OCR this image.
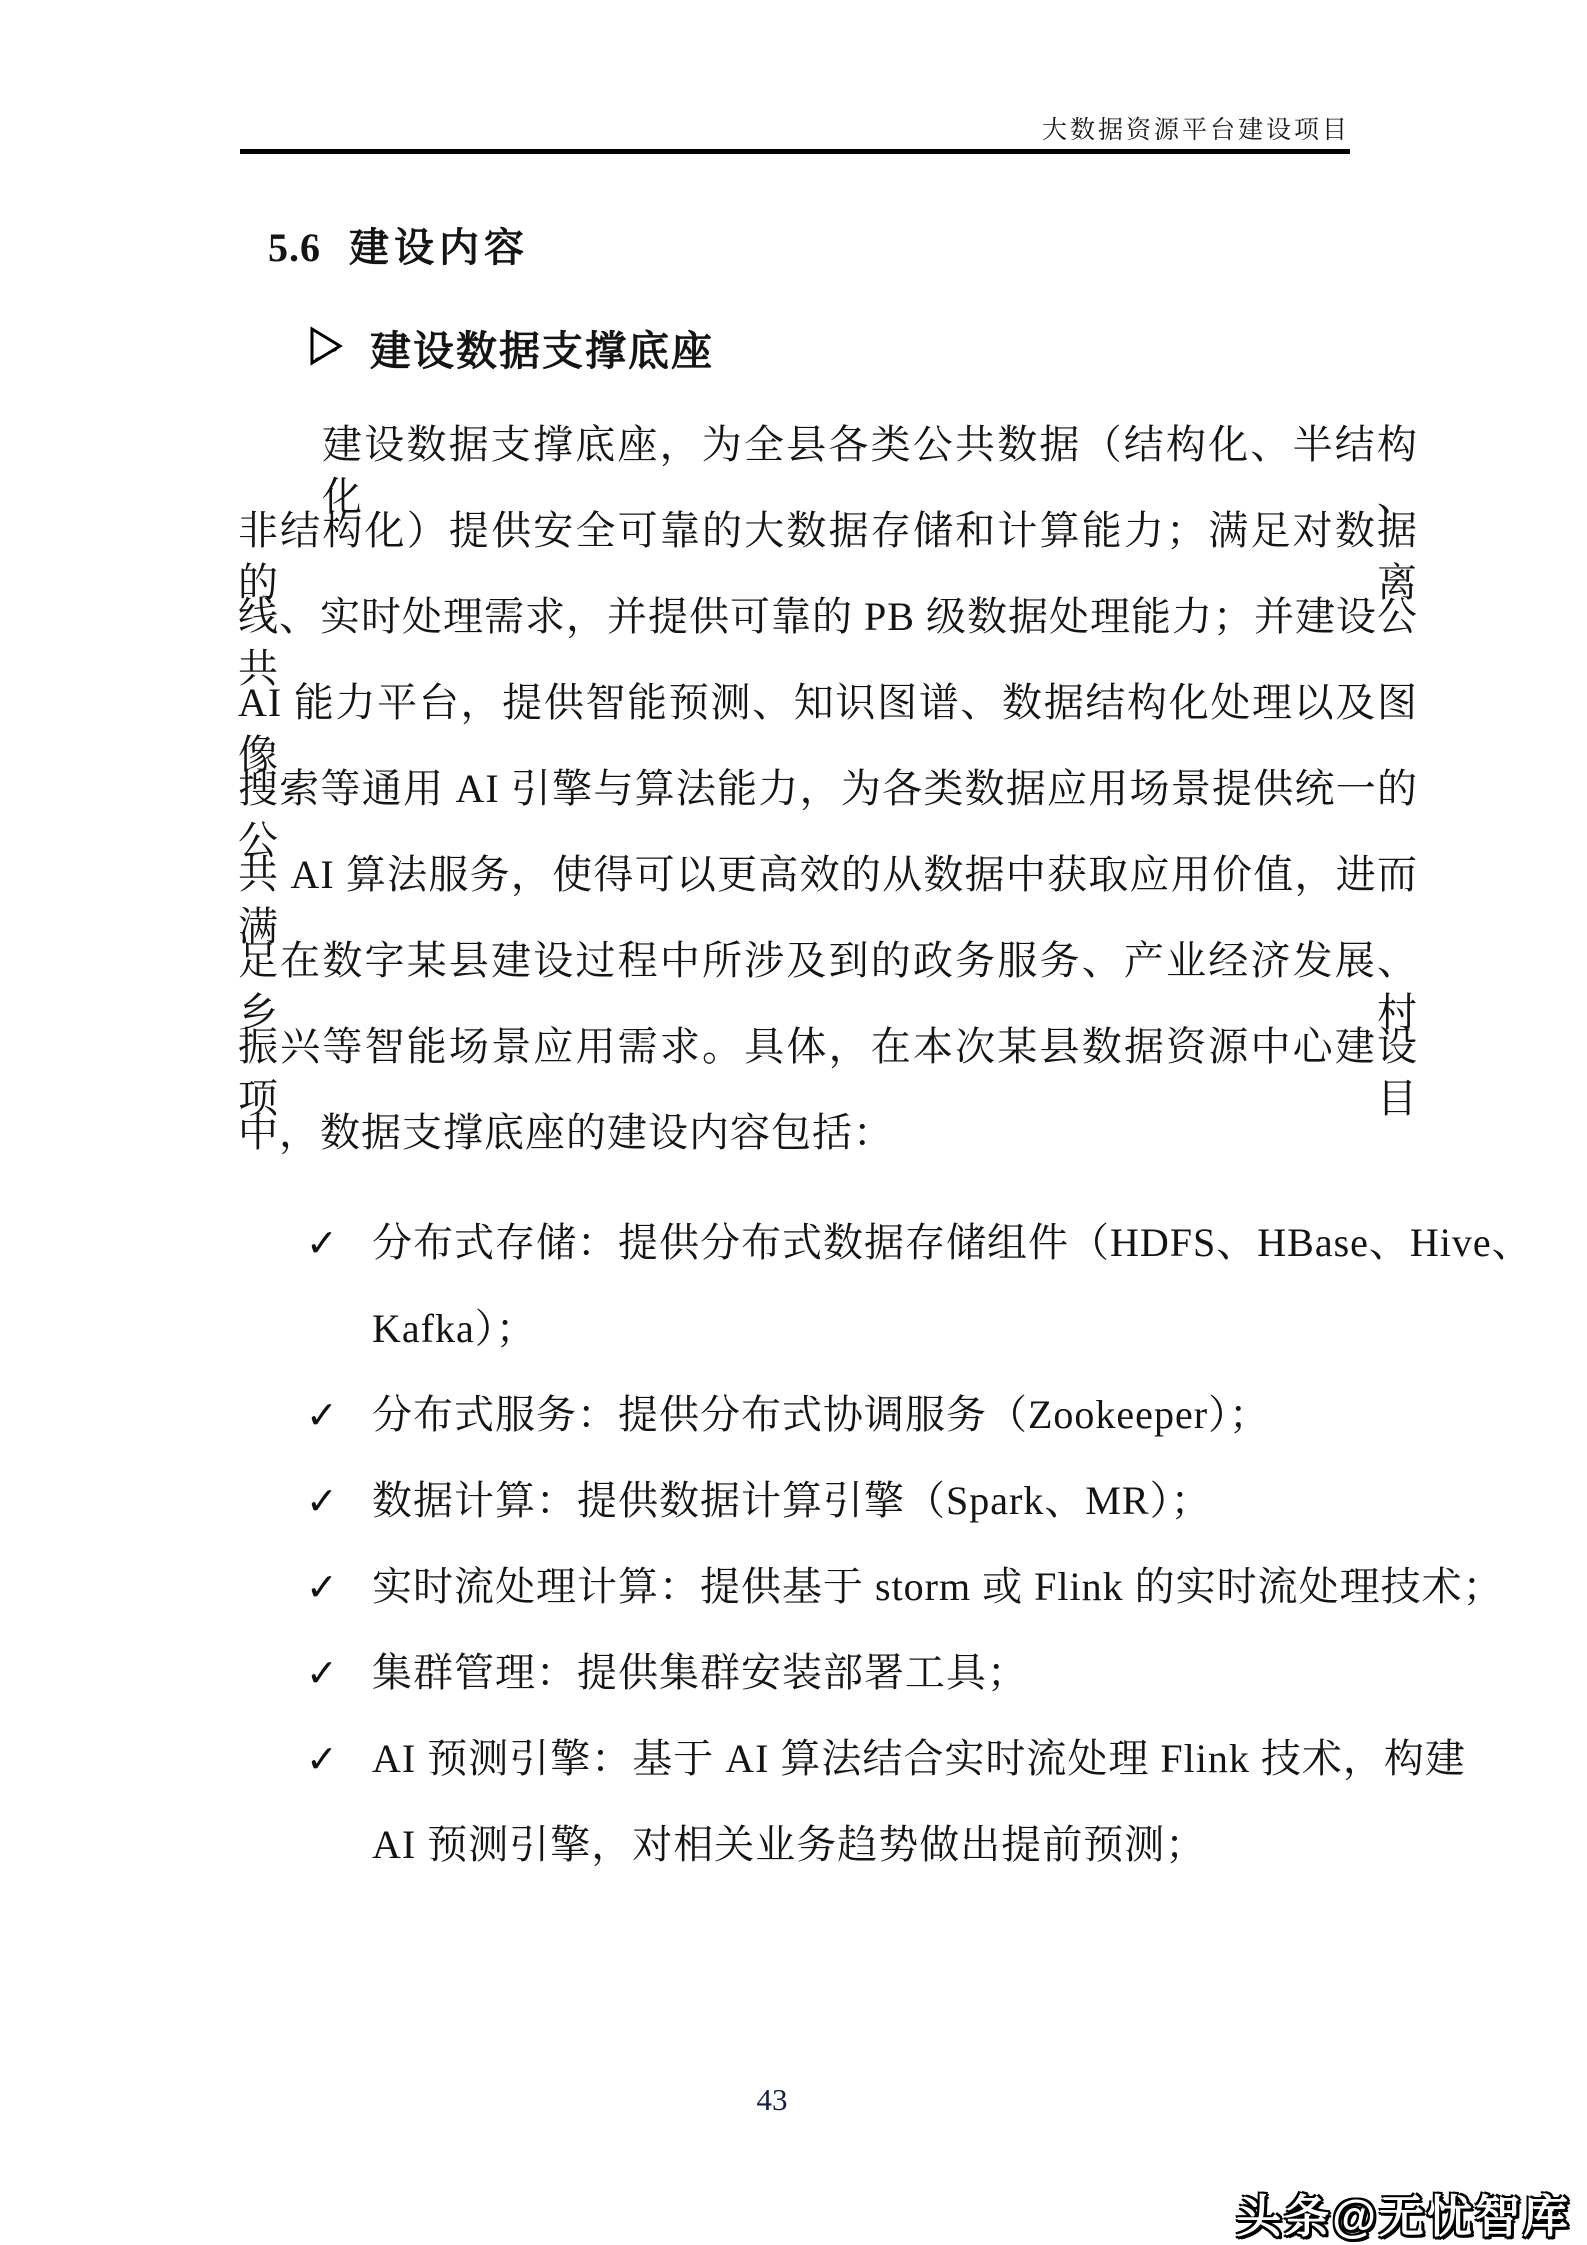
大数据资源平台建设项目
5.6 建设内容
建设数据支撑底座
建设数据支撑底座，为全县各类公共数据（结构化、半结构化、
非结构化）提供安全可靠的大数据存储和计算能力；满足对数据的离
线、实时处理需求，并提供可靠的 PB 级数据处理能力；并建设公共
AI 能力平台，提供智能预测、知识图谱、数据结构化处理以及图像
搜索等通用 AI 引擎与算法能力，为各类数据应用场景提供统一的公
共 AI 算法服务，使得可以更高效的从数据中获取应用价值，进而满
足在数字某县建设过程中所涉及到的政务服务、产业经济发展、乡村
振兴等智能场景应用需求。具体，在本次某县数据资源中心建设项目
中，数据支撑底座的建设内容包括：
✓ 分布式存储：提供分布式数据存储组件（HDFS、HBase、Hive、
Kafka）；
✓ 分布式服务：提供分布式协调服务（Zookeeper）；
✓ 数据计算：提供数据计算引擎（Spark、MR）；
✓ 实时流处理计算：提供基于 storm 或 Flink 的实时流处理技术；
✓ 集群管理：提供集群安装部署工具；
✓ AI 预测引擎：基于 AI 算法结合实时流处理 Flink 技术，构建
AI 预测引擎，对相关业务趋势做出提前预测；
43
头条@无忧智库
